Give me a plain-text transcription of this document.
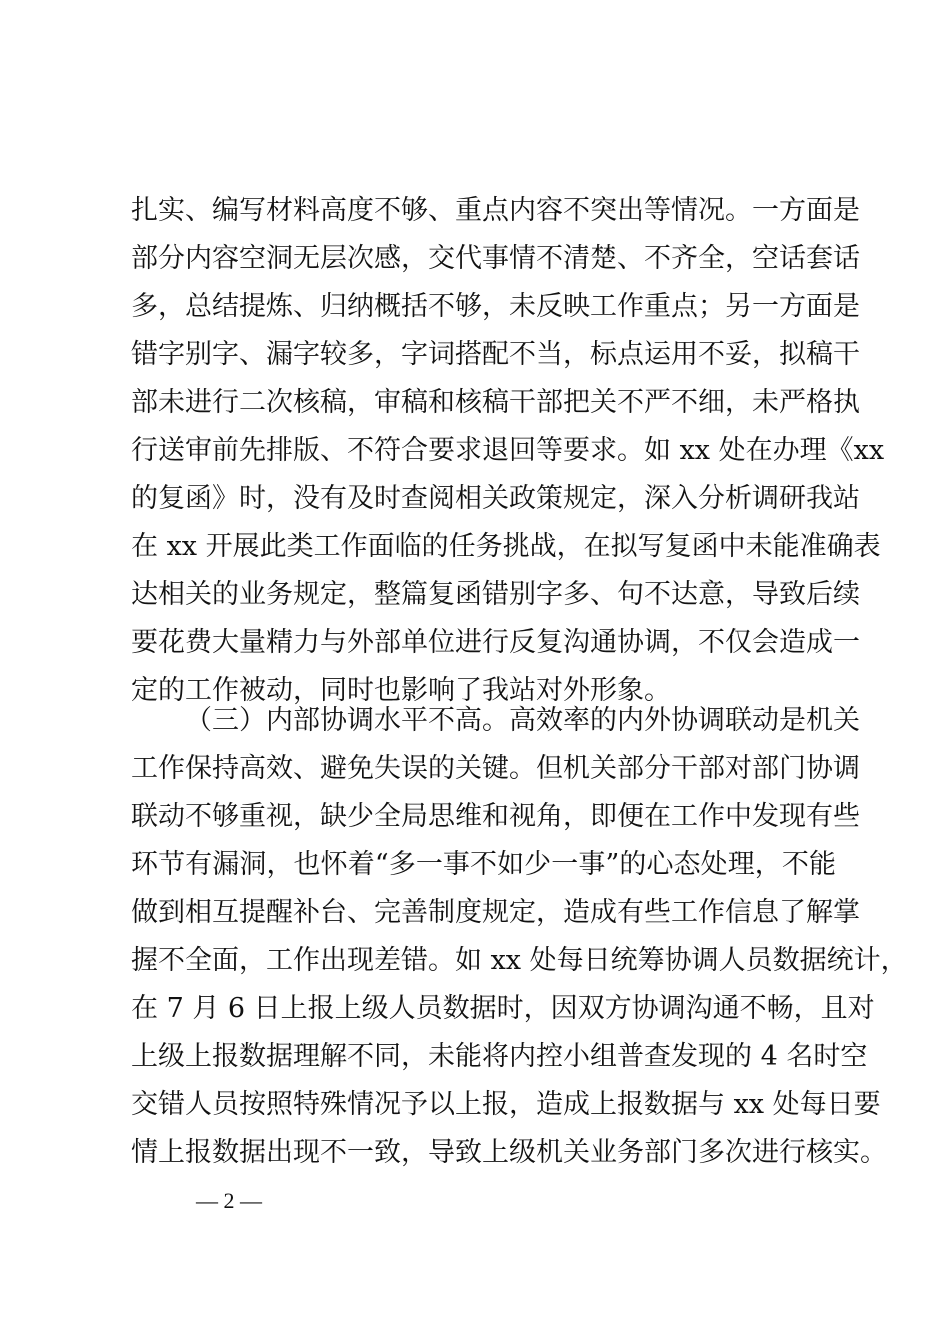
扎实、编写材料高度不够、重点内容不突出等情况。一方面是
部分内容空洞无层次感，交代事情不清楚、不齐全，空话套话
多，总结提炼、归纳概括不够，未反映工作重点；另一方面是
错字别字、漏字较多，字词搭配不当，标点运用不妥，拟稿干
部未进行二次核稿，审稿和核稿干部把关不严不细，未严格执
行送审前先排版、不符合要求退回等要求。如 xx 处在办理《xx
的复函》时，没有及时查阅相关政策规定，深入分析调研我站
在 xx 开展此类工作面临的任务挑战，在拟写复函中未能准确表
达相关的业务规定，整篇复函错别字多、句不达意，导致后续
要花费大量精力与外部单位进行反复沟通协调，不仅会造成一
定的工作被动，同时也影响了我站对外形象。
（三）内部协调水平不高。高效率的内外协调联动是机关
工作保持高效、避免失误的关键。但机关部分干部对部门协调
联动不够重视，缺少全局思维和视角，即便在工作中发现有些
环节有漏洞，也怀着“多一事不如少一事”的心态处理，不能
做到相互提醒补台、完善制度规定，造成有些工作信息了解掌
握不全面，工作出现差错。如 xx 处每日统筹协调人员数据统计，
在 7 月 6 日上报上级人员数据时，因双方协调沟通不畅，且对
上级上报数据理解不同，未能将内控小组普查发现的 4 名时空
交错人员按照特殊情况予以上报，造成上报数据与 xx 处每日要
情上报数据出现不一致，导致上级机关业务部门多次进行核实。
— 2 —
